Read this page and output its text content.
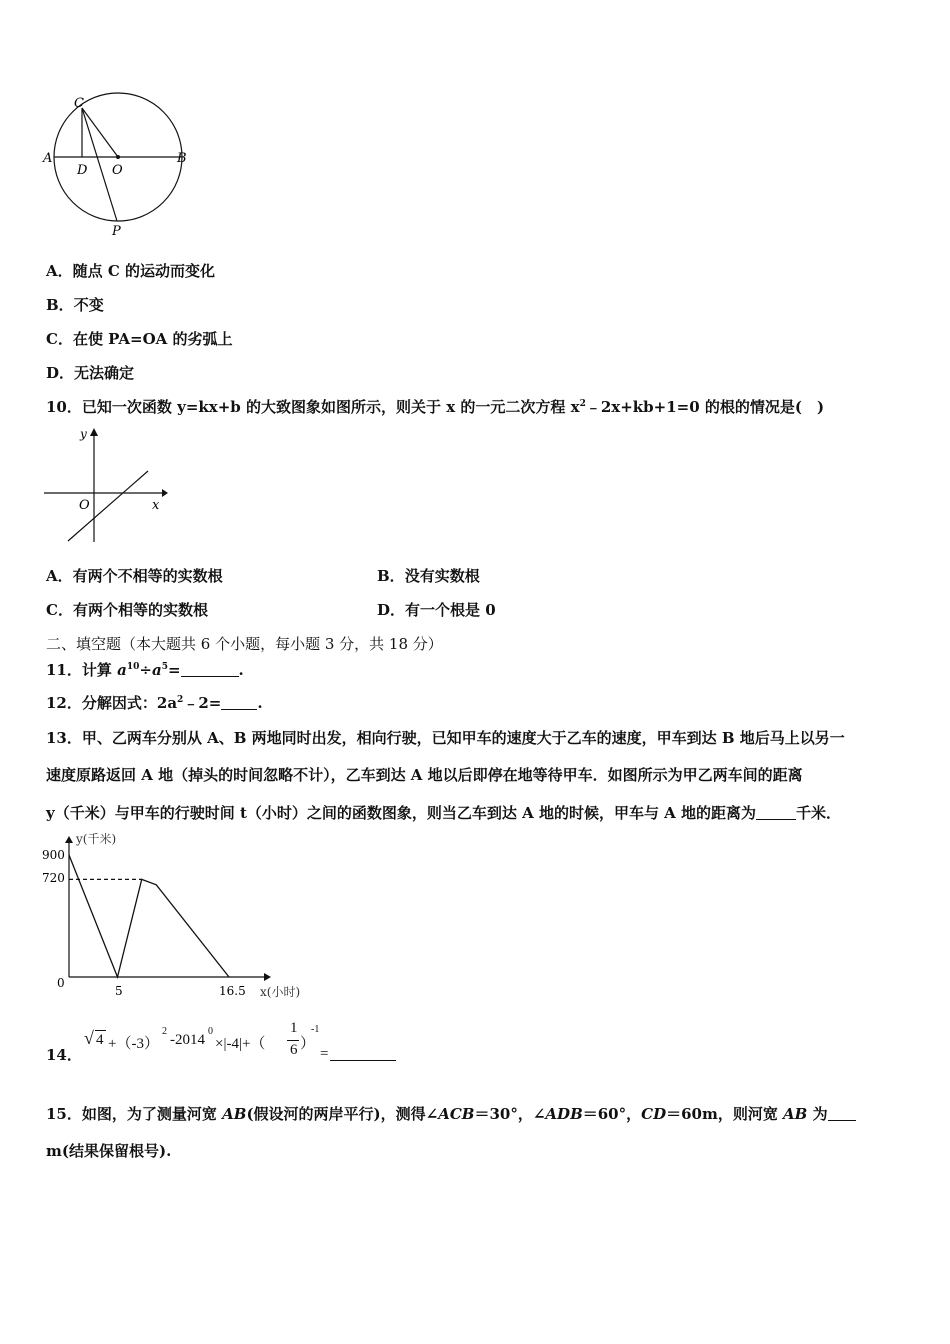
C
A
D O
B
P
A．随点 C 的运动而变化
B．不变
C．在使 PA=OA 的劣弧上
D．无法确定
10．已知一次函数 y=kx+b 的大致图象如图所示，则关于 x 的一元二次方程 $x^2﹣2x+kb+1=0$ 的根的情况是(　)
y
O	x
A．有两个不相等的实数根	B．没有实数根
C．有两个相等的实数根	D．有一个根是 0
二、填空题（本大题共 6 个小题，每小题 3 分，共 18 分）
11．计算 $a^{10}\div a^5=$	.
12．分解因式：$2a^2﹣2=$ .
13．甲、乙两车分别从 A、B 两地同时出发，相向行驶，已知甲车的速度大于乙车的速度，甲车到达 B 地后马上以另一
速度原路返回 A 地（掉头的时间忽略不计），乙车到达 A 地以后即停在地等待甲车．如图所示为甲乙两车间的距离
y（千米）与甲车的行驶时间 t（小时）之间的函数图象，则当乙车到达 A 地的时候，甲车与 A 地的距离为	千米．
y(千米)
x(小时)
900
720
0
5	16.5
14．
√ 4 +（-3）
2
-2014
0
×|-4|+（
1
6 ）
-1
=
15．如图，为了测量河宽 AB(假设河的两岸平行)，测得∠ACB＝30°，∠ADB＝60°，CD＝60m，则河宽 AB 为
m(结果保留根号).
